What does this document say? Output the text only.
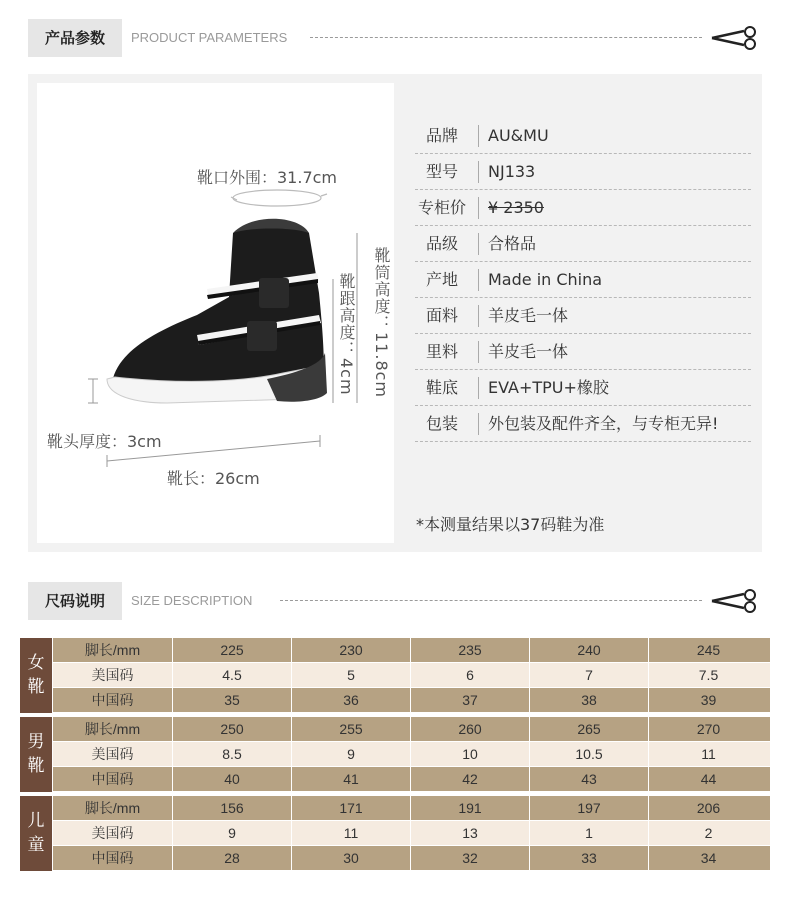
产品参数	PRODUCT PARAMETERS
靴口外围：31.7cm
靴筒高度：11.8cm
靴跟高度：4cm
靴头厚度：3cm
靴长：26cm
品牌	AU&MU
型号	NJ133
专柜价 ¥ 2350
品级	合格品
产地	Made in China
面料	羊皮毛一体
里料	羊皮毛一体
鞋底	EVA+TPU+橡胶
包装	外包装及配件齐全，与专柜无异!
*本测量结果以37码鞋为准
尺码说明	SIZE DESCRIPTION
女靴
脚长/mm	225	230	235	240	245
美国码	4.5	5	6	7	7.5
中国码	35	36	37	38	39
男靴
脚长/mm	250	255	260	265	270
美国码	8.5	9	10	10.5	11
中国码	40	41	42	43	44
儿童
脚长/mm	156	171	191	197	206
美国码	9	11	13	1	2
中国码	28	30	32	33	34
